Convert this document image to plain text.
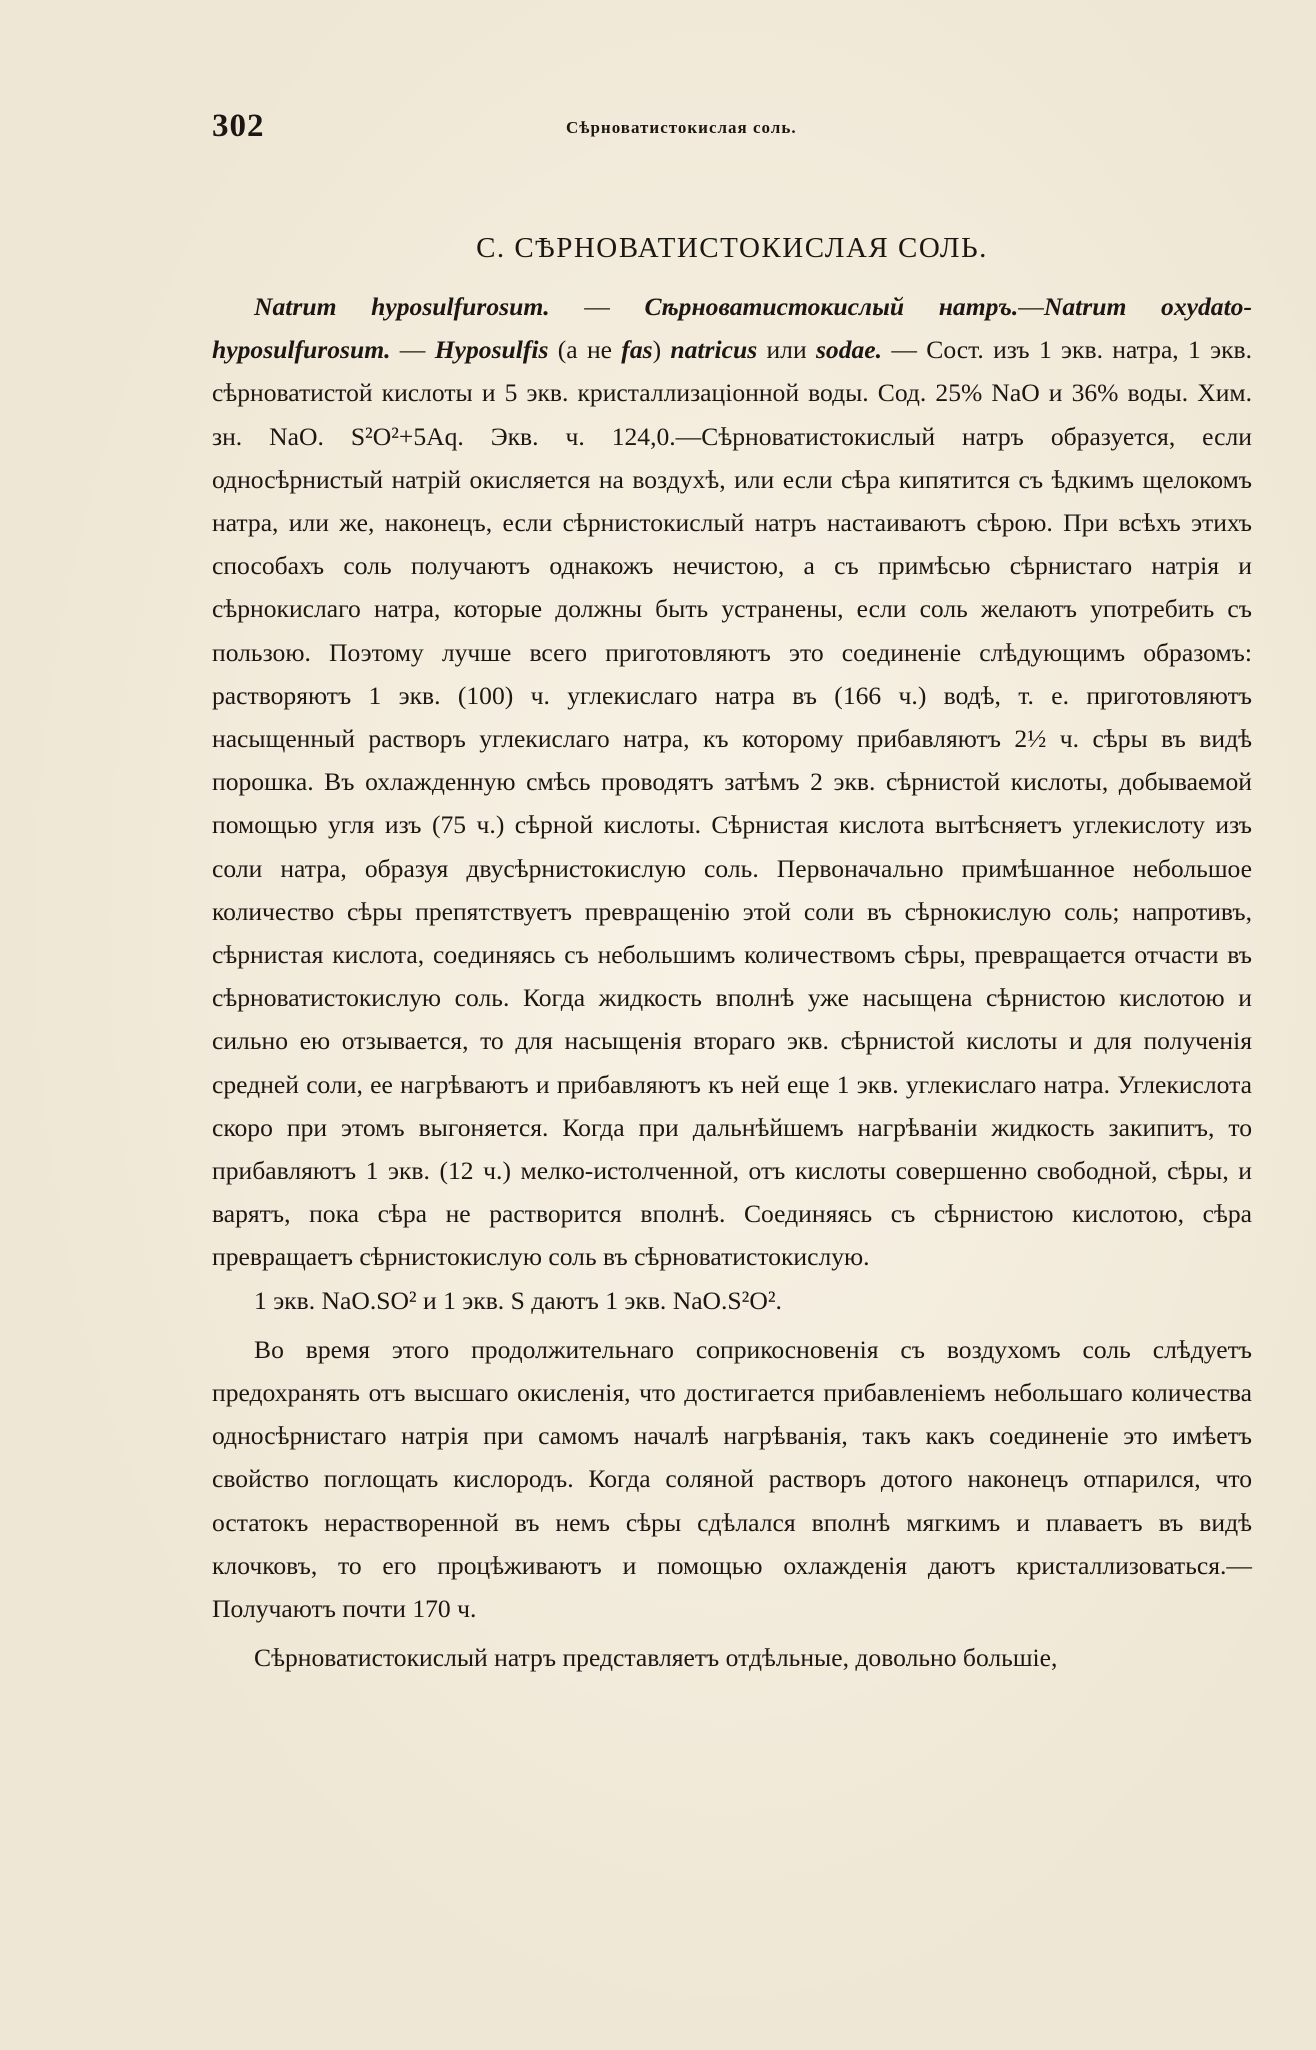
302	Сѣрноватистокислая соль.
С. СѢРНОВАТИСТОКИСЛАЯ СОЛЬ.

Natrum hyposulfurosum. — Сѣрноватистокислый натръ.—Natrum oxydato-hyposulfurosum. — Hyposulfis (а не fas) natricus или sodae. — Сост. изъ 1 экв. натра, 1 экв. сѣрноватистой кислоты и 5 экв. кристаллизаціонной воды. Сод. 25% NaO и 36% воды. Хим. зн. NaO. S²O²+5Aq. Экв. ч. 124,0.—Сѣрноватистокислый натръ образуется, если односѣрнистый натрій окисляется на воздухѣ, или если сѣра кипятится съ ѣдкимъ щелокомъ натра, или же, наконецъ, если сѣрнистокислый натръ настаиваютъ сѣрою. При всѣхъ этихъ способахъ соль получаютъ однакожъ нечистою, а съ примѣсью сѣрнистаго натрія и сѣрнокислаго натра, которые должны быть устранены, если соль желаютъ употребить съ пользою. Поэтому лучше всего приготовляютъ это соединеніе слѣдующимъ образомъ: растворяютъ 1 экв. (100) ч. углекислаго натра въ (166 ч.) водѣ, т. е. приготовляютъ насыщенный растворъ углекислаго натра, къ которому прибавляютъ 2½ ч. сѣры въ видѣ порошка. Въ охлажденную смѣсь проводятъ затѣмъ 2 экв. сѣрнистой кислоты, добываемой помощью угля изъ (75 ч.) сѣрной кислоты. Сѣрнистая кислота вытѣсняетъ углекислоту изъ соли натра, образуя двусѣрнистокислую соль. Первоначально примѣшанное небольшое количество сѣры препятствуетъ превращенію этой соли въ сѣрнокислую соль; напротивъ, сѣрнистая кислота, соединяясь съ небольшимъ количествомъ сѣры, превращается отчасти въ сѣрноватистокислую соль. Когда жидкость вполнѣ уже насыщена сѣрнистою кислотою и сильно ею отзывается, то для насыщенія втораго экв. сѣрнистой кислоты и для полученія средней соли, ее нагрѣваютъ и прибавляютъ къ ней еще 1 экв. углекислаго натра. Углекислота скоро при этомъ выгоняется. Когда при дальнѣйшемъ нагрѣваніи жидкость закипитъ, то прибавляютъ 1 экв. (12 ч.) мелко-истолченной, отъ кислоты совершенно свободной, сѣры, и варятъ, пока сѣра не растворится вполнѣ. Соединяясь съ сѣрнистою кислотою, сѣра превращаетъ сѣрнистокислую соль въ сѣрноватистокислую.

1 экв. NaO.SO² и 1 экв. S даютъ 1 экв. NaO.S²O².

Во время этого продолжительнаго соприкосновенія съ воздухомъ соль слѣдуетъ предохранять отъ высшаго окисленія, что достигается прибавленіемъ небольшаго количества односѣрнистаго натрія при самомъ началѣ нагрѣванія, такъ какъ соединеніе это имѣетъ свойство поглощать кислородъ. Когда соляной растворъ дотого наконецъ отпарился, что остатокъ нерастворенной въ немъ сѣры сдѣлался вполнѣ мягкимъ и плаваетъ въ видѣ клочковъ, то его процѣживаютъ и помощью охлажденія даютъ кристаллизоваться.—Получаютъ почти 170 ч.

Сѣрноватистокислый натръ представляетъ отдѣльные, довольно большіе,
